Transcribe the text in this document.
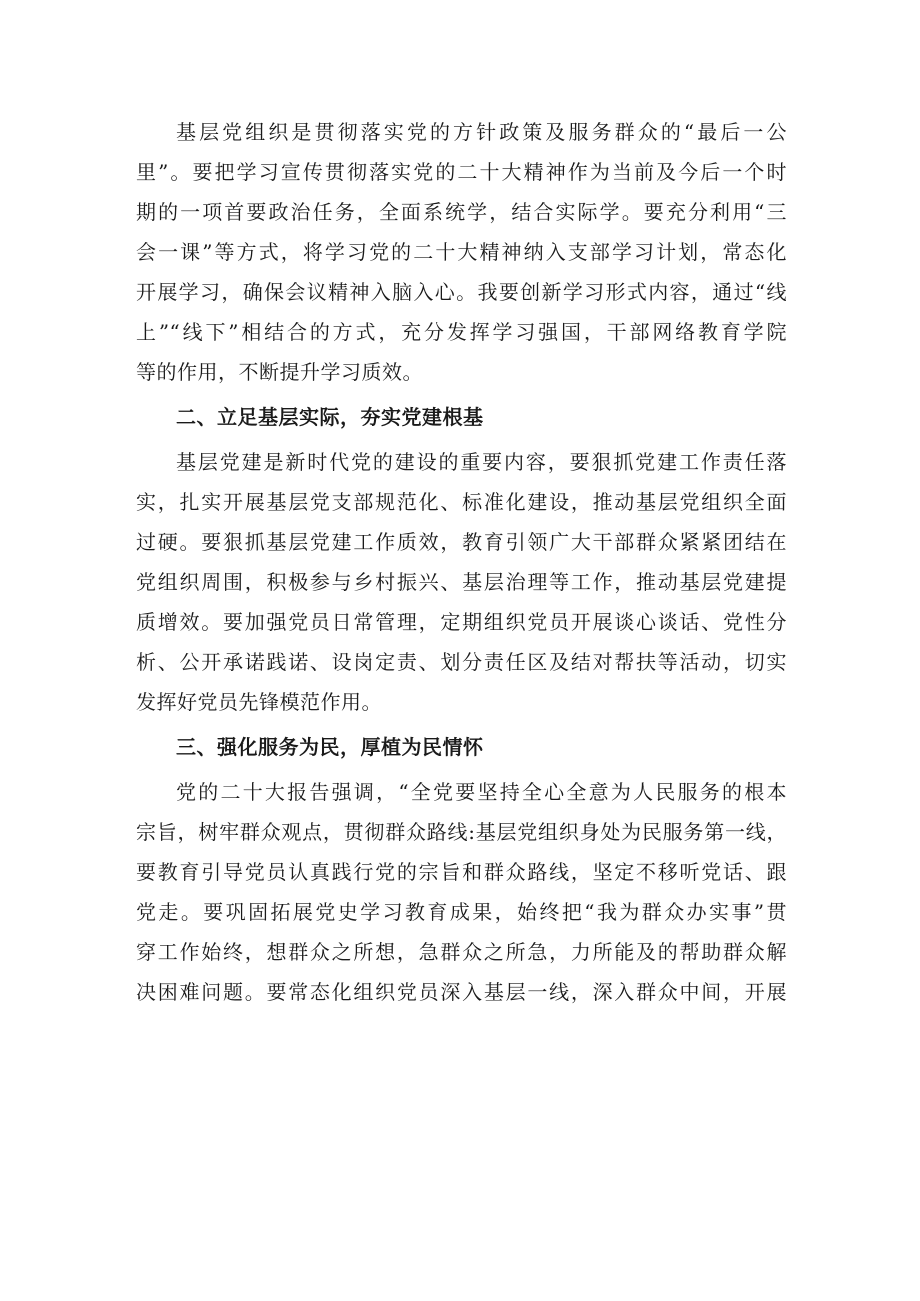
基层党组织是贯彻落实党的方针政策及服务群众的“最后一公
里”。要把学习宣传贯彻落实党的二十大精神作为当前及今后一个时
期的一项首要政治任务，全面系统学，结合实际学。要充分利用“三
会一课”等方式，将学习党的二十大精神纳入支部学习计划，常态化
开展学习，确保会议精神入脑入心。我要创新学习形式内容，通过“线
上”“线下”相结合的方式，充分发挥学习强国，干部网络教育学院
等的作用，不断提升学习质效。
二、立足基层实际，夯实党建根基
基层党建是新时代党的建设的重要内容，要狠抓党建工作责任落
实，扎实开展基层党支部规范化、标准化建设，推动基层党组织全面
过硬。要狠抓基层党建工作质效，教育引领广大干部群众紧紧团结在
党组织周围，积极参与乡村振兴、基层治理等工作，推动基层党建提
质增效。要加强党员日常管理，定期组织党员开展谈心谈话、党性分
析、公开承诺践诺、设岗定责、划分责任区及结对帮扶等活动，切实
发挥好党员先锋模范作用。
三、强化服务为民，厚植为民情怀
党的二十大报告强调，“全党要坚持全心全意为人民服务的根本
宗旨，树牢群众观点，贯彻群众路线:基层党组织身处为民服务第一线，
要教育引导党员认真践行党的宗旨和群众路线，坚定不移听党话、跟
党走。要巩固拓展党史学习教育成果，始终把“我为群众办实事”贯
穿工作始终，想群众之所想，急群众之所急，力所能及的帮助群众解
决困难问题。要常态化组织党员深入基层一线，深入群众中间，开展
